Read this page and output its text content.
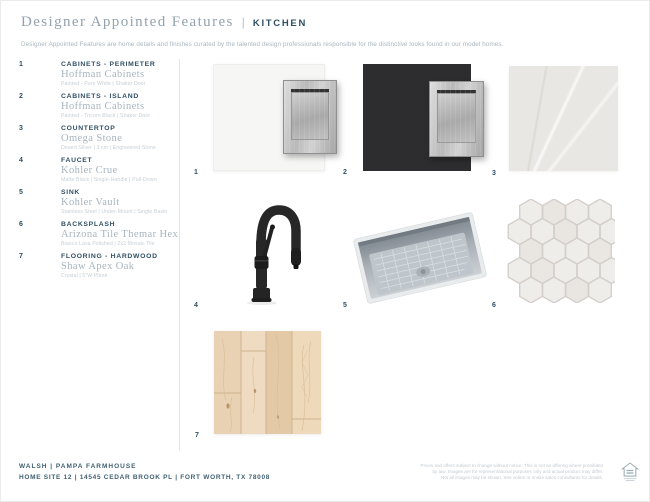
Designer Appointed Features | KITCHEN
Designer Appointed Features are home details and finishes curated by the talented design professionals responsible for the distinctive looks found in our model homes.
1	CABINETS - PERIMETER
Hoffman Cabinets
Painted - Pure White | Shaker Door
2	CABINETS - ISLAND
Hoffman Cabinets
Painted - Tricorn Black | Shaker Door
3	COUNTERTOP
Omega Stone
Desert Silver | 3 cm | Engineered Stone
4	FAUCET
Kohler Crue
Matte Black | Single-Handle | Pull-Down
5	SINK
Kohler Vault
Stainless Steel | Under-Mount | Single Basin
6	BACKSPLASH
Arizona Tile Themar Hex
Bianco Lasa Polished | 2x2 Mosaic Tile
7	FLOORING - HARDWOOD
Shaw Apex Oak
Crystal | 5"W Plank
1	2	3
4	5	6
7
WALSH | PAMPA FARMHOUSE
HOME SITE 12 | 14545 CEDAR BROOK PL | FORT WORTH, TX 78008
Prices and offers subject to change without notice. This is not an offering where prohibited
by law. Images are for representational purposes only and actual product may differ.
Not all images may be shown. See online or onsite sales consultants for details.
